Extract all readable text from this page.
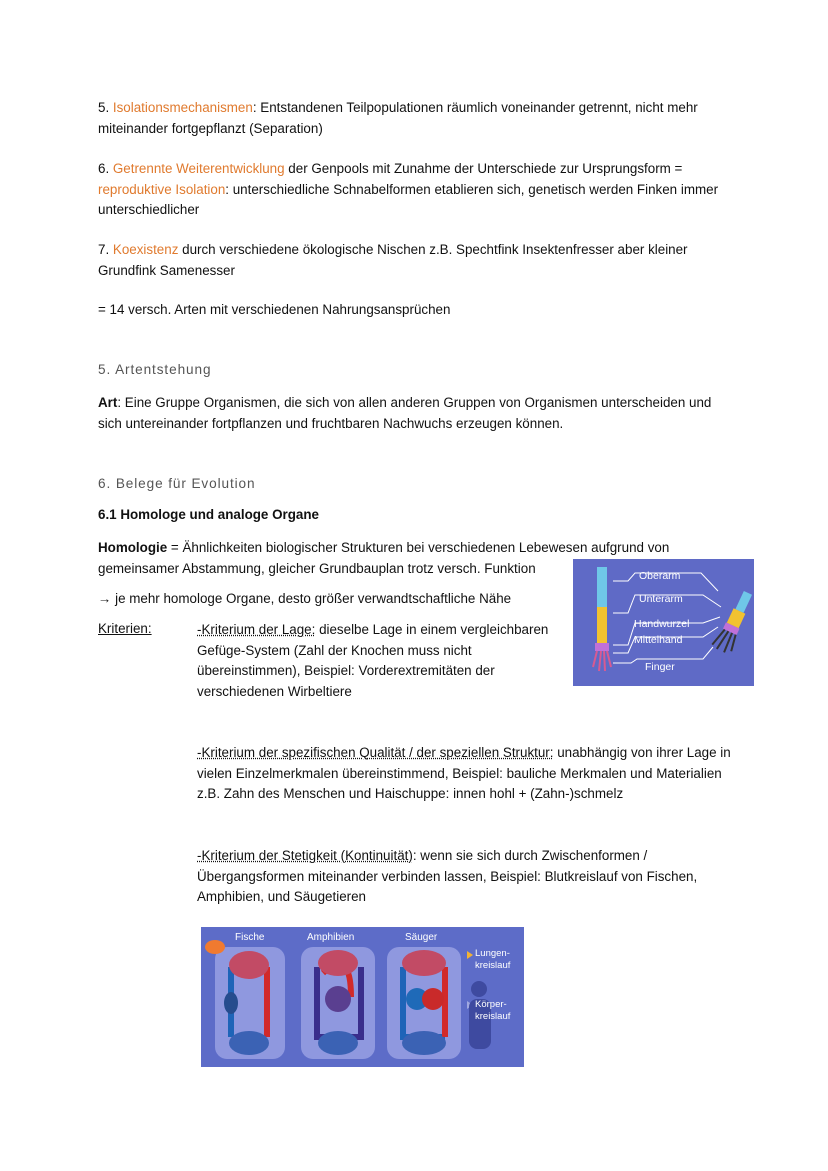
5. Isolationsmechanismen: Entstandenen Teilpopulationen räumlich voneinander getrennt, nicht mehr miteinander fortgepflanzt (Separation)

6. Getrennte Weiterentwicklung der Genpools mit Zunahme der Unterschiede zur Ursprungsform = reproduktive Isolation: unterschiedliche Schnabelformen etablieren sich, genetisch werden Finken immer unterschiedlicher

7. Koexistenz durch verschiedene ökologische Nischen z.B. Spechtfink Insektenfresser aber kleiner Grundfink Samenesser

= 14 versch. Arten mit verschiedenen Nahrungsansprüchen

5. Artentstehung

Art: Eine Gruppe Organismen, die sich von allen anderen Gruppen von Organismen unterscheiden und sich untereinander fortpflanzen und fruchtbaren Nachwuchs erzeugen können.

6. Belege für Evolution
6.1 Homologe und analoge Organe

Homologie = Ähnlichkeiten biologischer Strukturen bei verschiedenen Lebewesen aufgrund von gemeinsamer Abstammung, gleicher Grundbauplan trotz versch. Funktion

→ je mehr homologe Organe, desto größer verwandtschaftliche Nähe

Kriterien:	-Kriterium der Lage: dieselbe Lage in einem vergleichbaren Gefüge-System (Zahl der Knochen muss nicht übereinstimmen), Beispiel: Vorderextremitäten der verschiedenen Wirbeltiere

-Kriterium der spezifischen Qualität / der speziellen Struktur: unabhängig von ihrer Lage in vielen Einzelmerkmalen übereinstimmend, Beispiel: bauliche Merkmalen und Materialien z.B. Zahn des Menschen und Haischuppe: innen hohl + (Zahn-)schmelz

-Kriterium der Stetigkeit (Kontinuität): wenn sie sich durch Zwischenformen / Übergangsformen miteinander verbinden lassen, Beispiel: Blutkreislauf von Fischen, Amphibien, und Säugetieren

Oberarm
Unterarm
Handwurzel
Mittelhand
Finger
Fische	Amphibien	Säuger
Lungen-
kreislauf
Körper-
kreislauf
